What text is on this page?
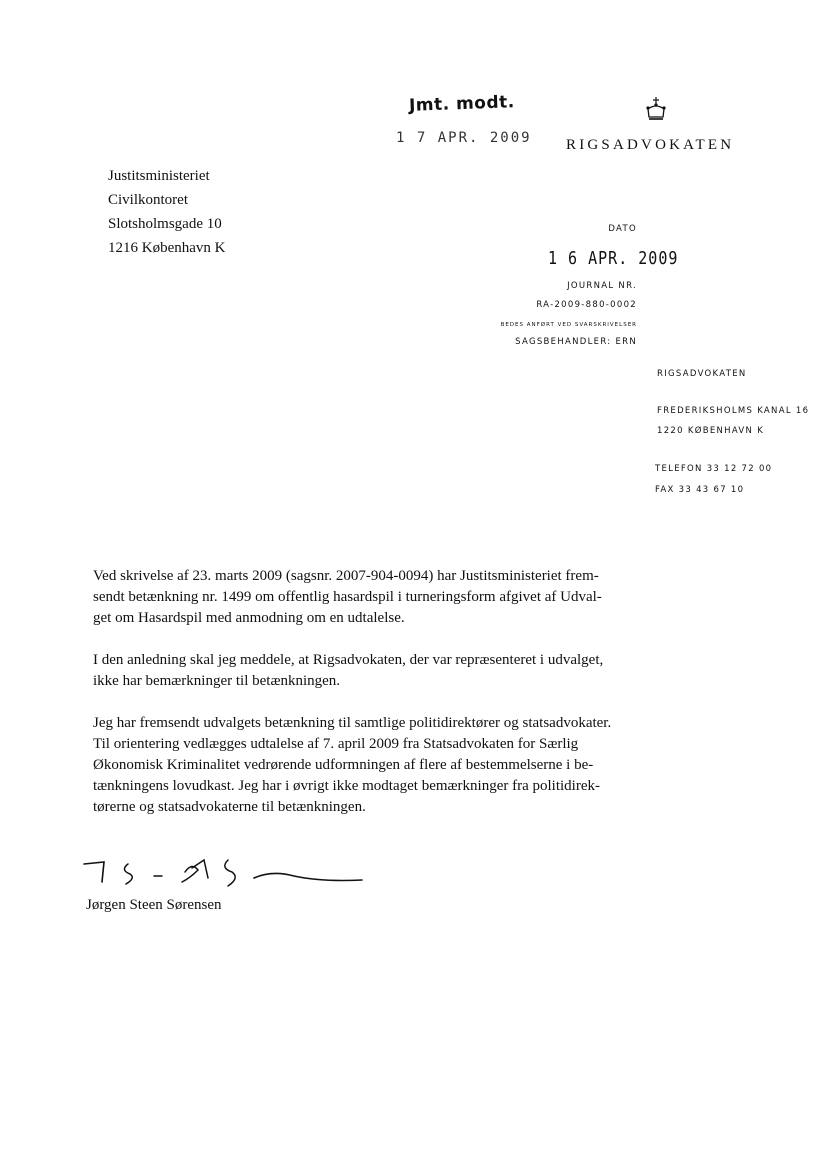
Jmt. modt.
1 7 APR. 2009 RIGSADVOKATEN
Justitsministeriet
Civilkontoret
Slotsholmsgade 10
1216 København K
DATO
1 6 APR. 2009
JOURNAL NR.
RA-2009-880-0002
BEDES ANFØRT VED SVARSKRIVELSER
SAGSBEHANDLER: ERN
RIGSADVOKATEN
FREDERIKSHOLMS KANAL 16
1220 KØBENHAVN K
TELEFON 33 12 72 00
FAX 33 43 67 10

Ved skrivelse af 23. marts 2009 (sagsnr. 2007-904-0094) har Justitsministeriet frem-

sendt betænkning nr. 1499 om offentlig hasardspil i turneringsform afgivet af Udval-

get om Hasardspil med anmodning om en udtalelse.

I den anledning skal jeg meddele, at Rigsadvokaten, der var repræsenteret i udvalget,

ikke har bemærkninger til betænkningen.

Jeg har fremsendt udvalgets betænkning til samtlige politidirektører og statsadvokater.

Til orientering vedlægges udtalelse af 7. april 2009 fra Statsadvokaten for Særlig

Økonomisk Kriminalitet vedrørende udformningen af flere af bestemmelserne i be-

tænkningens lovudkast. Jeg har i øvrigt ikke modtaget bemærkninger fra politidirek-

tørerne og statsadvokaterne til betænkningen.

Jørgen Steen Sørensen
